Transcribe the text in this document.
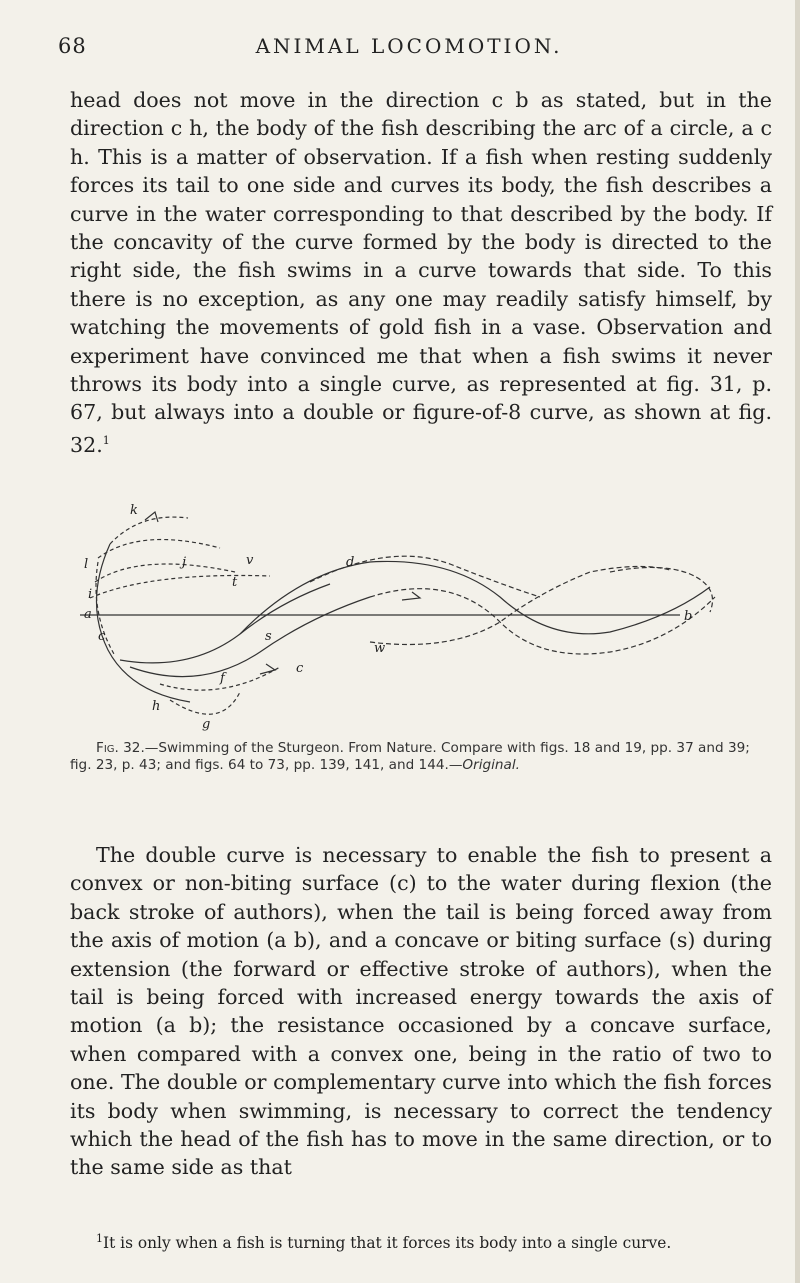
68	ANIMAL LOCOMOTION.

head does not move in the direction c b as stated, but in the direction c h, the body of the fish describing the arc of a circle, a c h. This is a matter of observation. If a fish when resting suddenly forces its tail to one side and curves its body, the fish describes a curve in the water corresponding to that described by the body. If the concavity of the curve formed by the body is directed to the right side, the fish swims in a curve towards that side. To this there is no exception, as any one may readily satisfy himself, by watching the movements of gold fish in a vase. Observation and experiment have convinced me that when a fish swims it never throws its body into a single curve, as represented at fig. 31, p. 67, but always into a double or figure-of-8 curve, as shown at fig. 32.$^1$

k
l	j	v
t
i
a
d
b
c	s
w
c
f
h
g

Fig. 32.—Swimming of the Sturgeon. From Nature. Compare with figs. 18 and 19, pp. 37 and 39; fig. 23, p. 43; and figs. 64 to 73, pp. 139, 141, and 144.—Original.

The double curve is necessary to enable the fish to present a convex or non-biting surface (c) to the water during flexion (the back stroke of authors), when the tail is being forced away from the axis of motion (a b), and a concave or biting surface (s) during extension (the forward or effective stroke of authors), when the tail is being forced with increased energy towards the axis of motion (a b); the resistance occasioned by a concave surface, when compared with a convex one, being in the ratio of two to one. The double or complementary curve into which the fish forces its body when swimming, is necessary to correct the tendency which the head of the fish has to move in the same direction, or to the same side as that

$^1$It is only when a fish is turning that it forces its body into a single curve.
